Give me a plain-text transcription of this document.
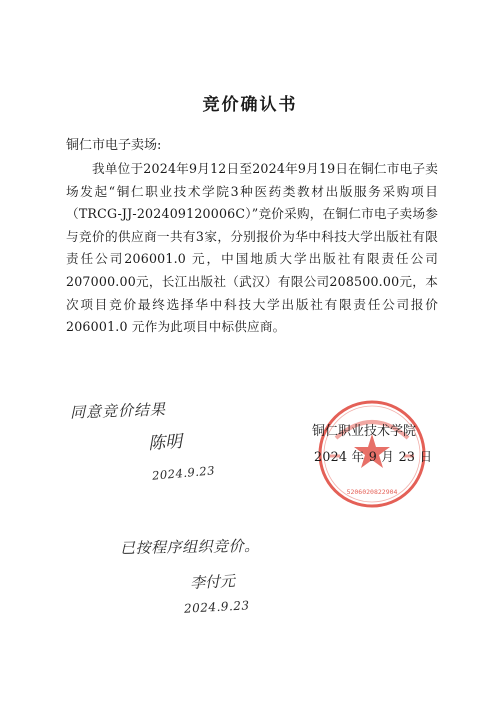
竞价确认书
铜仁市电子卖场:
我单位于2024年9月12日至2024年9月19日在铜仁市电子卖场发起“铜仁职业技术学院3种医药类教材出版服务采购项目（TRCG-JJ-202409120006C）”竞价采购，在铜仁市电子卖场参与竞价的供应商一共有3家，分别报价为华中科技大学出版社有限责任公司206001.0 元，中国地质大学出版社有限责任公司207000.00元，长江出版社（武汉）有限公司208500.00元，本次项目竞价最终选择华中科技大学出版社有限责任公司报价206001.0 元作为此项目中标供应商。
同意竞价结果
陈明
2024.9.23
已按程序组织竞价。
李付元
2024.9.23
5206020822904
铜仁职业技术学院
2024 年 9 月 23 日
